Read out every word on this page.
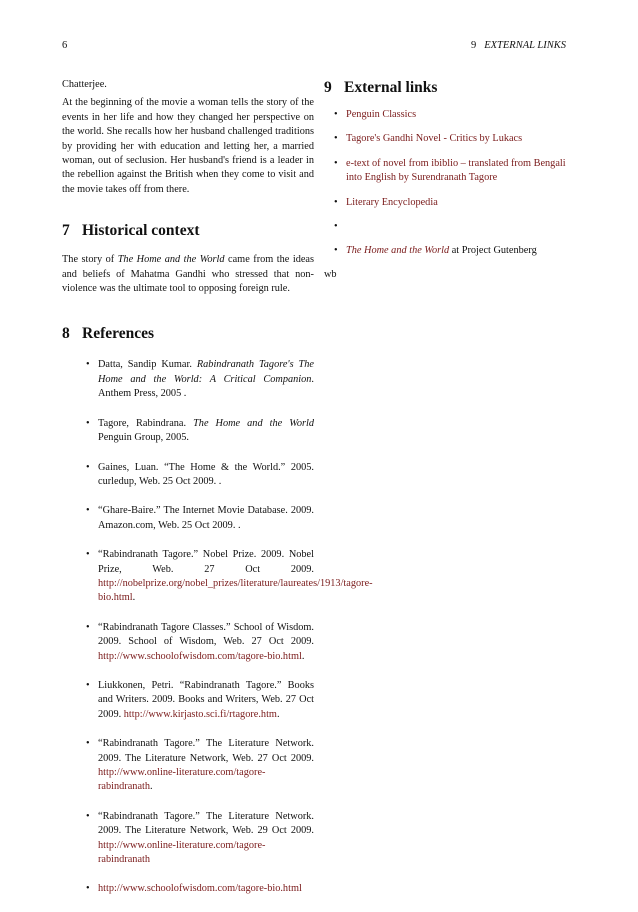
6	9 EXTERNAL LINKS

Chatterjee.

At the beginning of the movie a woman tells the story of the events in her life and how they changed her perspective on the world. She recalls how her husband challenged traditions by providing her with education and letting her, a married woman, out of seclusion. Her husband's friend is a leader in the rebellion against the British when they come to visit and the movie takes off from there.

7 Historical context

The story of The Home and the World came from the ideas and beliefs of Mahatma Gandhi who stressed that non-violence was the ultimate tool to opposing foreign rule.

8 References
• Datta, Sandip Kumar. Rabindranath Tagore's The Home and the World: A Critical Companion. Anthem Press, 2005 .
• Tagore, Rabindrana. The Home and the World Penguin Group, 2005.
• Gaines, Luan. “The Home & the World.” 2005. curledup, Web. 25 Oct 2009. .
• “Ghare-Baire.” The Internet Movie Database. 2009. Amazon.com, Web. 25 Oct 2009. .
• “Rabindranath Tagore.” Nobel Prize. 2009. Nobel Prize, Web. 27 Oct 2009. http://nobelprize.org/nobel_prizes/literature/laureates/1913/tagore-bio.html.
• “Rabindranath Tagore Classes.” School of Wisdom. 2009. School of Wisdom, Web. 27 Oct 2009. http://www.schoolofwisdom.com/tagore-bio.html.
• Liukkonen, Petri. “Rabindranath Tagore.” Books and Writers. 2009. Books and Writers, Web. 27 Oct 2009. http://www.kirjasto.sci.fi/rtagore.htm.
• “Rabindranath Tagore.” The Literature Network. 2009. The Literature Network, Web. 27 Oct 2009. http://www.online-literature.com/tagore-rabindranath.
• “Rabindranath Tagore.” The Literature Network. 2009. The Literature Network, Web. 29 Oct 2009. http://www.online-literature.com/tagore-rabindranath
• http://www.schoolofwisdom.com/tagore-bio.html
9 External links
• Penguin Classics
• Tagore's Gandhi Novel - Critics by Lukacs
• e-text of novel from ibiblio – translated from Bengali into English by Surendranath Tagore
• Literary Encyclopedia
•
• The Home and the World at Project Gutenberg
wb
